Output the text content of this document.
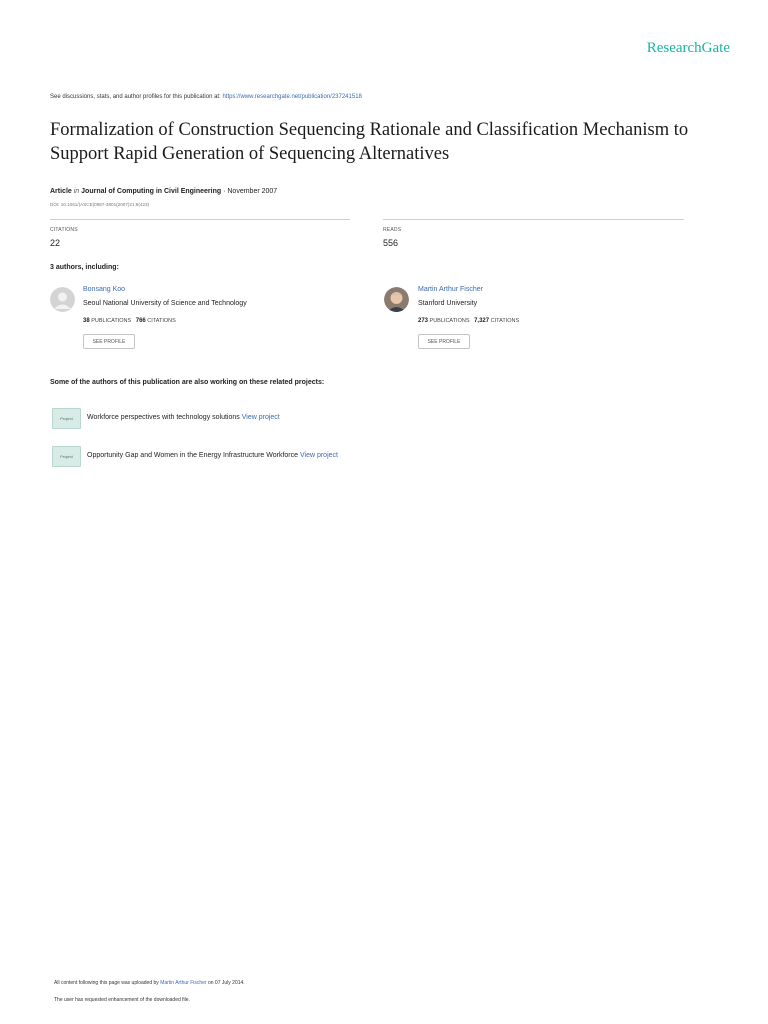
ResearchGate
See discussions, stats, and author profiles for this publication at: https://www.researchgate.net/publication/237241518
Formalization of Construction Sequencing Rationale and Classification Mechanism to Support Rapid Generation of Sequencing Alternatives
Article in Journal of Computing in Civil Engineering · November 2007
DOI: 10.1061/(ASCE)0887-3801(2007)21:6(423)
CITATIONS
22
READS
556
3 authors, including:
Bonsang Koo
Seoul National University of Science and Technology
38 PUBLICATIONS 766 CITATIONS
SEE PROFILE
Martin Arthur Fischer
Stanford University
273 PUBLICATIONS 7,327 CITATIONS
SEE PROFILE
Some of the authors of this publication are also working on these related projects:
Project Workforce perspectives with technology solutions View project
Project Opportunity Gap and Women in the Energy Infrastructure Workforce View project
All content following this page was uploaded by Martin Arthur Fischer on 07 July 2014.
The user has requested enhancement of the downloaded file.
